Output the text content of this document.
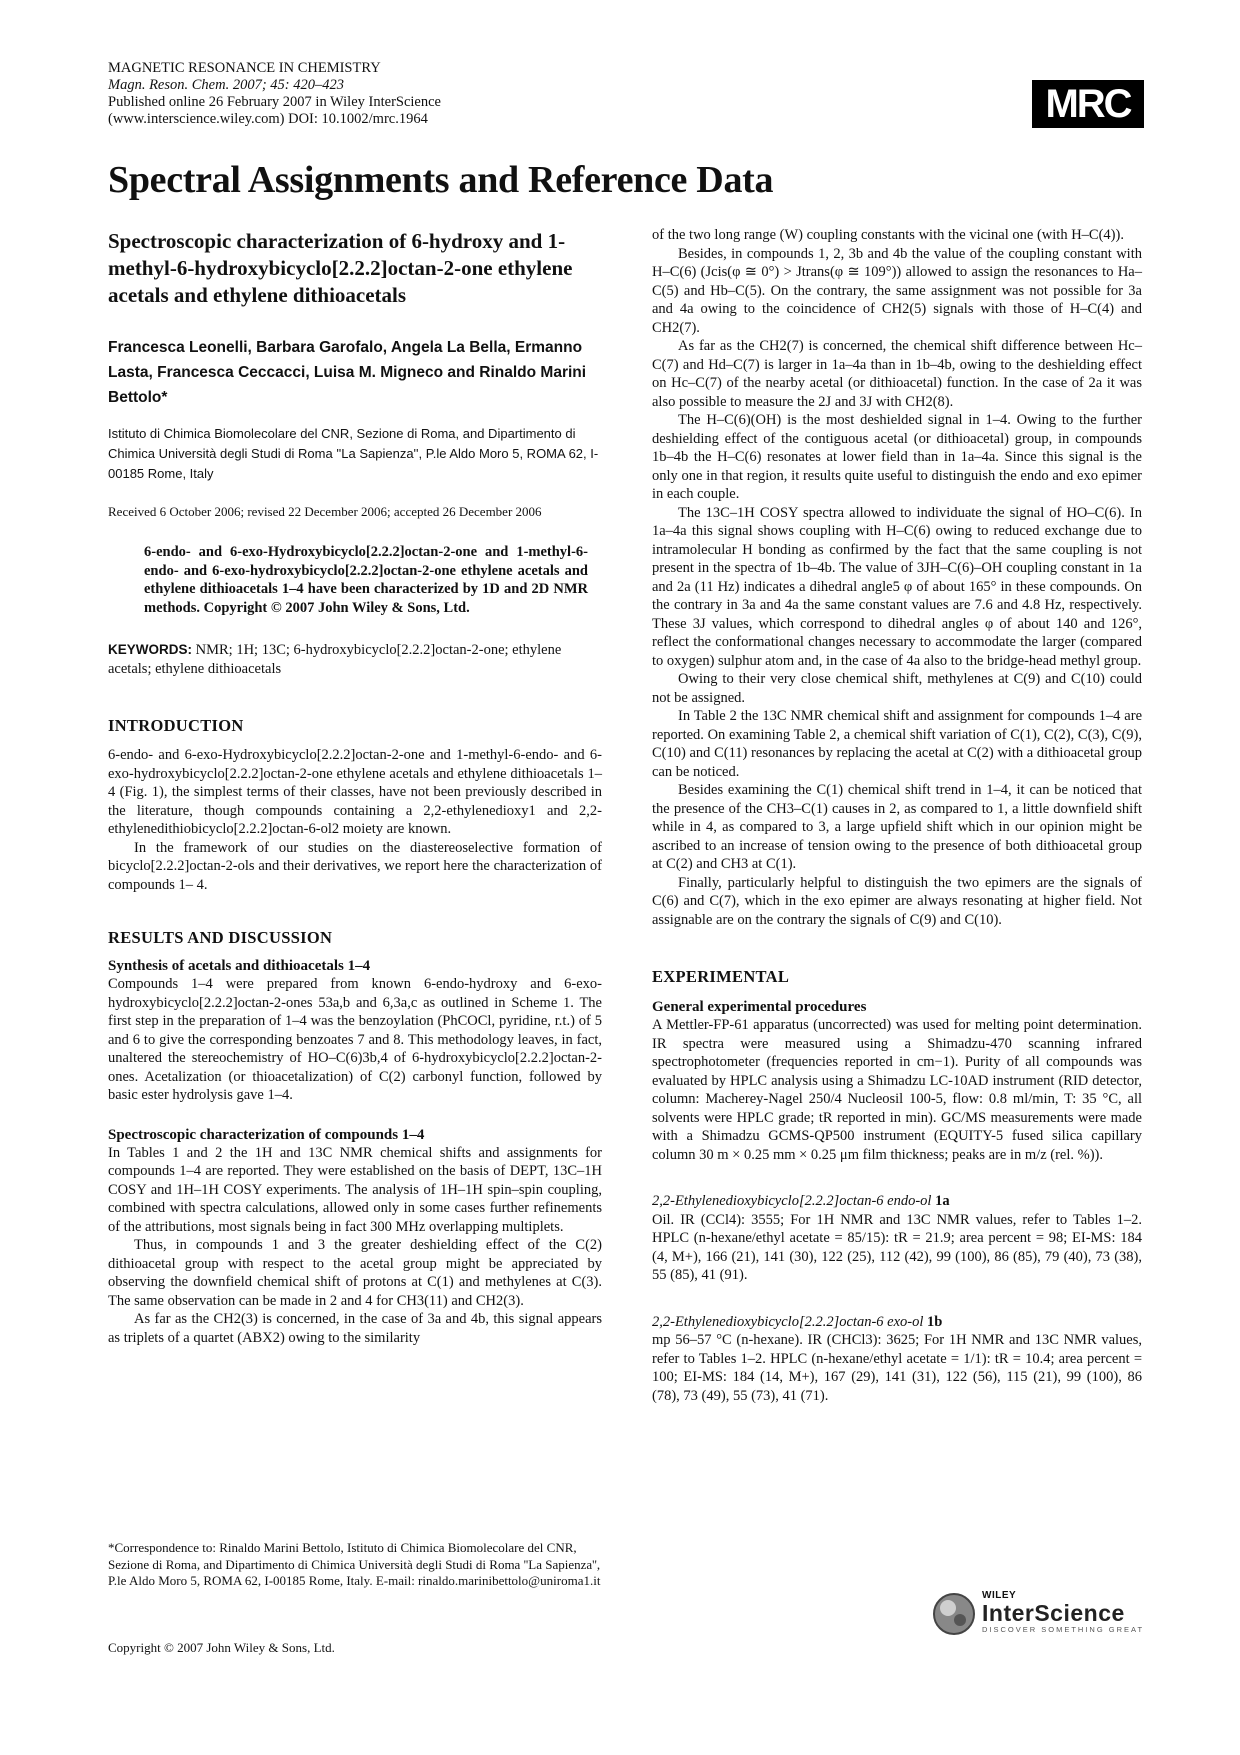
MAGNETIC RESONANCE IN CHEMISTRY
Magn. Reson. Chem. 2007; 45: 420–423
Published online 26 February 2007 in Wiley InterScience
(www.interscience.wiley.com) DOI: 10.1002/mrc.1964	MRC
Spectral Assignments and Reference Data
Spectroscopic characterization of 6-hydroxy and 1-methyl-6-hydroxybicyclo[2.2.2]octan-2-one ethylene acetals and ethylene dithioacetals
Francesca Leonelli, Barbara Garofalo, Angela La Bella, Ermanno Lasta, Francesca Ceccacci, Luisa M. Migneco and Rinaldo Marini Bettolo*
Istituto di Chimica Biomolecolare del CNR, Sezione di Roma, and Dipartimento di Chimica Università degli Studi di Roma ''La Sapienza'', P.le Aldo Moro 5, ROMA 62, I-00185 Rome, Italy
Received 6 October 2006; revised 22 December 2006; accepted 26 December 2006
6-endo- and 6-exo-Hydroxybicyclo[2.2.2]octan-2-one and 1-methyl-6-endo- and 6-exo-hydroxybicyclo[2.2.2]octan-2-one ethylene acetals and ethylene dithioacetals 1–4 have been characterized by 1D and 2D NMR methods. Copyright © 2007 John Wiley & Sons, Ltd.
KEYWORDS: NMR; 1H; 13C; 6-hydroxybicyclo[2.2.2]octan-2-one; ethylene acetals; ethylene dithioacetals
INTRODUCTION

6-endo- and 6-exo-Hydroxybicyclo[2.2.2]octan-2-one and 1-methyl-6-endo- and 6-exo-hydroxybicyclo[2.2.2]octan-2-one ethylene acetals and ethylene dithioacetals 1–4 (Fig. 1), the simplest terms of their classes, have not been previously described in the literature, though compounds containing a 2,2-ethylenedioxy1 and 2,2-ethylenedithiobicyclo[2.2.2]octan-6-ol2 moiety are known.

In the framework of our studies on the diastereoselective formation of bicyclo[2.2.2]octan-2-ols and their derivatives, we report here the characterization of compounds 1– 4.

RESULTS AND DISCUSSION
Synthesis of acetals and dithioacetals 1–4

Compounds 1–4 were prepared from known 6-endo-hydroxy and 6-exo-hydroxybicyclo[2.2.2]octan-2-ones 53a,b and 6,3a,c as outlined in Scheme 1. The first step in the preparation of 1–4 was the benzoylation (PhCOCl, pyridine, r.t.) of 5 and 6 to give the corresponding benzoates 7 and 8. This methodology leaves, in fact, unaltered the stereochemistry of HO–C(6)3b,4 of 6-hydroxybicyclo[2.2.2]octan-2-ones. Acetalization (or thioacetalization) of C(2) carbonyl function, followed by basic ester hydrolysis gave 1–4.

Spectroscopic characterization of compounds 1–4

In Tables 1 and 2 the 1H and 13C NMR chemical shifts and assignments for compounds 1–4 are reported. They were established on the basis of DEPT, 13C–1H COSY and 1H–1H COSY experiments. The analysis of 1H–1H spin–spin coupling, combined with spectra calculations, allowed only in some cases further refinements of the attributions, most signals being in fact 300 MHz overlapping multiplets.

Thus, in compounds 1 and 3 the greater deshielding effect of the C(2) dithioacetal group with respect to the acetal group might be appreciated by observing the downfield chemical shift of protons at C(1) and methylenes at C(3). The same observation can be made in 2 and 4 for CH3(11) and CH2(3).

As far as the CH2(3) is concerned, in the case of 3a and 4b, this signal appears as triplets of a quartet (ABX2) owing to the similarity

*Correspondence to: Rinaldo Marini Bettolo, Istituto di Chimica Biomolecolare del CNR, Sezione di Roma, and Dipartimento di Chimica Università degli Studi di Roma ''La Sapienza'', P.le Aldo Moro 5, ROMA 62, I-00185 Rome, Italy. E-mail: rinaldo.marinibettolo@uniroma1.it
Copyright © 2007 John Wiley & Sons, Ltd.

of the two long range (W) coupling constants with the vicinal one (with H–C(4)).

Besides, in compounds 1, 2, 3b and 4b the value of the coupling constant with H–C(6) (Jcis(φ ≅ 0°) > Jtrans(φ ≅ 109°)) allowed to assign the resonances to Ha–C(5) and Hb–C(5). On the contrary, the same assignment was not possible for 3a and 4a owing to the coincidence of CH2(5) signals with those of H–C(4) and CH2(7).

As far as the CH2(7) is concerned, the chemical shift difference between Hc–C(7) and Hd–C(7) is larger in 1a–4a than in 1b–4b, owing to the deshielding effect on Hc–C(7) of the nearby acetal (or dithioacetal) function. In the case of 2a it was also possible to measure the 2J and 3J with CH2(8).

The H–C(6)(OH) is the most deshielded signal in 1–4. Owing to the further deshielding effect of the contiguous acetal (or dithioacetal) group, in compounds 1b–4b the H–C(6) resonates at lower field than in 1a–4a. Since this signal is the only one in that region, it results quite useful to distinguish the endo and exo epimer in each couple.

The 13C–1H COSY spectra allowed to individuate the signal of HO–C(6). In 1a–4a this signal shows coupling with H–C(6) owing to reduced exchange due to intramolecular H bonding as confirmed by the fact that the same coupling is not present in the spectra of 1b–4b. The value of 3JH–C(6)–OH coupling constant in 1a and 2a (11 Hz) indicates a dihedral angle5 φ of about 165° in these compounds. On the contrary in 3a and 4a the same constant values are 7.6 and 4.8 Hz, respectively. These 3J values, which correspond to dihedral angles φ of about 140 and 126°, reflect the conformational changes necessary to accommodate the larger (compared to oxygen) sulphur atom and, in the case of 4a also to the bridge-head methyl group.

Owing to their very close chemical shift, methylenes at C(9) and C(10) could not be assigned.

In Table 2 the 13C NMR chemical shift and assignment for compounds 1–4 are reported. On examining Table 2, a chemical shift variation of C(1), C(2), C(3), C(9), C(10) and C(11) resonances by replacing the acetal at C(2) with a dithioacetal group can be noticed.

Besides examining the C(1) chemical shift trend in 1–4, it can be noticed that the presence of the CH3–C(1) causes in 2, as compared to 1, a little downfield shift while in 4, as compared to 3, a large upfield shift which in our opinion might be ascribed to an increase of tension owing to the presence of both dithioacetal group at C(2) and CH3 at C(1).

Finally, particularly helpful to distinguish the two epimers are the signals of C(6) and C(7), which in the exo epimer are always resonating at higher field. Not assignable are on the contrary the signals of C(9) and C(10).

EXPERIMENTAL
General experimental procedures

A Mettler-FP-61 apparatus (uncorrected) was used for melting point determination. IR spectra were measured using a Shimadzu-470 scanning infrared spectrophotometer (frequencies reported in cm−1). Purity of all compounds was evaluated by HPLC analysis using a Shimadzu LC-10AD instrument (RID detector, column: Macherey-Nagel 250/4 Nucleosil 100-5, flow: 0.8 ml/min, T: 35 °C, all solvents were HPLC grade; tR reported in min). GC/MS measurements were made with a Shimadzu GCMS-QP500 instrument (EQUITY-5 fused silica capillary column 30 m × 0.25 mm × 0.25 μm film thickness; peaks are in m/z (rel. %)).

2,2-Ethylenedioxybicyclo[2.2.2]octan-6 endo-ol 1a

Oil. IR (CCl4): 3555; For 1H NMR and 13C NMR values, refer to Tables 1–2. HPLC (n-hexane/ethyl acetate = 85/15): tR = 21.9; area percent = 98; EI-MS: 184 (4, M+), 166 (21), 141 (30), 122 (25), 112 (42), 99 (100), 86 (85), 79 (40), 73 (38), 55 (85), 41 (91).

2,2-Ethylenedioxybicyclo[2.2.2]octan-6 exo-ol 1b

mp 56–57 °C (n-hexane). IR (CHCl3): 3625; For 1H NMR and 13C NMR values, refer to Tables 1–2. HPLC (n-hexane/ethyl acetate = 1/1): tR = 10.4; area percent = 100; EI-MS: 184 (14, M+), 167 (29), 141 (31), 122 (56), 115 (21), 99 (100), 86 (78), 73 (49), 55 (73), 41 (71).

WILEY
InterScience
DISCOVER SOMETHING GREAT
